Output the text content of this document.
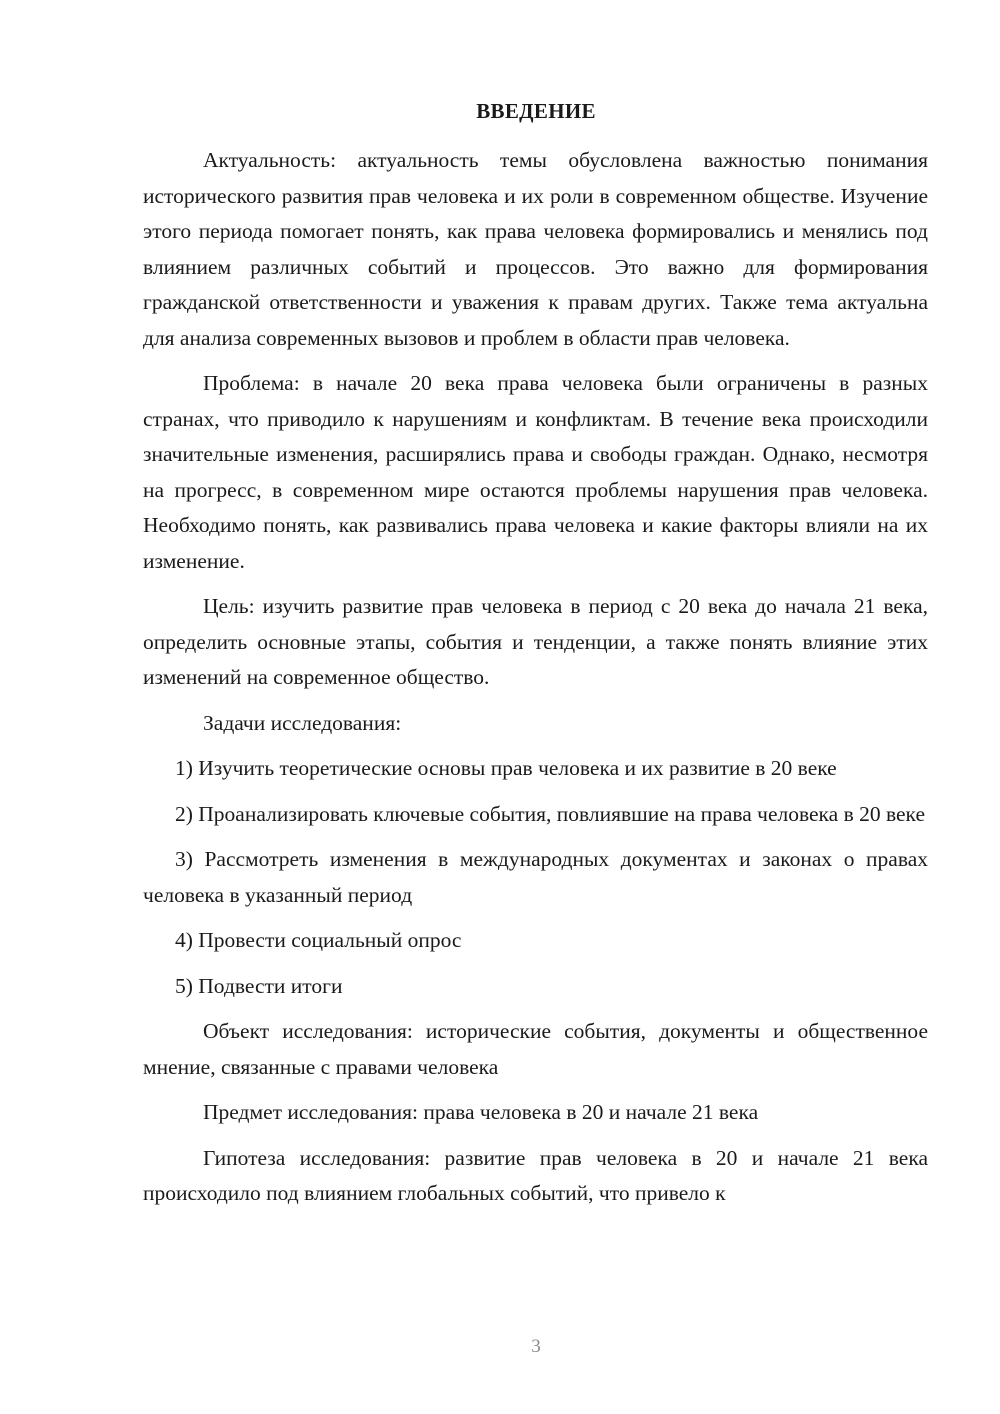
ВВЕДЕНИЕ

Актуальность: актуальность темы обусловлена важностью понимания исторического развития прав человека и их роли в современном обществе. Изучение этого периода помогает понять, как права человека формировались и менялись под влиянием различных событий и процессов. Это важно для формирования гражданской ответственности и уважения к правам других. Также тема актуальна для анализа современных вызовов и проблем в области прав человека.

Проблема: в начале 20 века права человека были ограничены в разных странах, что приводило к нарушениям и конфликтам. В течение века происходили значительные изменения, расширялись права и свободы граждан. Однако, несмотря на прогресс, в современном мире остаются проблемы нарушения прав человека. Необходимо понять, как развивались права человека и какие факторы влияли на их изменение.

Цель: изучить развитие прав человека в период с 20 века до начала 21 века, определить основные этапы, события и тенденции, а также понять влияние этих изменений на современное общество.

Задачи исследования:

1) Изучить теоретические основы прав человека и их развитие в 20 веке

2) Проанализировать ключевые события, повлиявшие на права человека в 20 веке

3) Рассмотреть изменения в международных документах и законах о правах человека в указанный период

4) Провести социальный опрос

5) Подвести итоги

Объект исследования: исторические события, документы и общественное мнение, связанные с правами человека

Предмет исследования: права человека в 20 и начале 21 века

Гипотеза исследования: развитие прав человека в 20 и начале 21 века происходило под влиянием глобальных событий, что привело к

3
